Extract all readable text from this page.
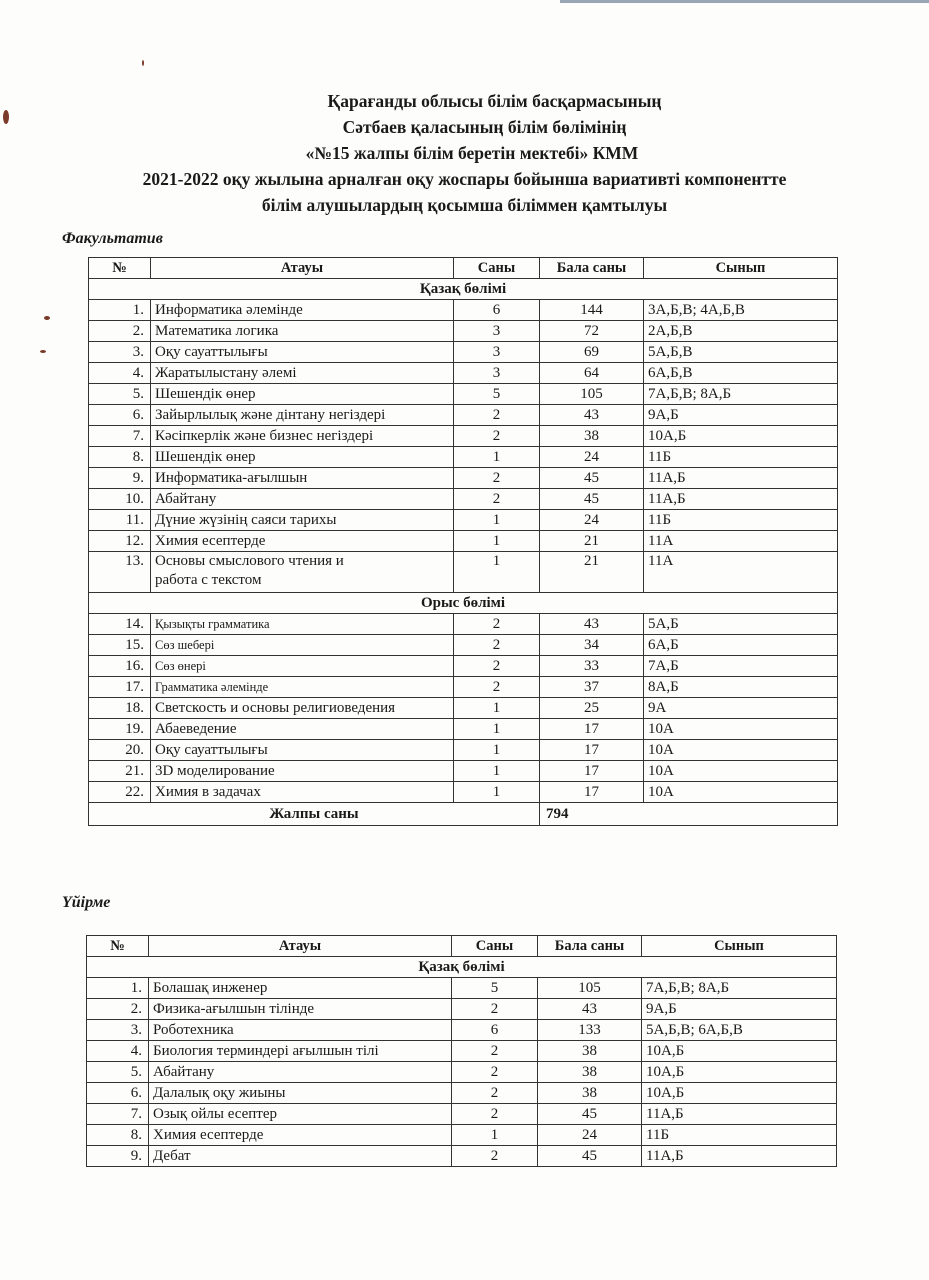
Қарағанды облысы білім басқармасының
Сәтбаев қаласының білім бөлімінің
«№15 жалпы білім беретін мектебі» КММ
2021-2022 оқу жылына арналған оқу жоспары бойынша вариативті компонентте
білім алушылардың қосымша біліммен қамтылуы
Факультатив
№	Атауы	Саны	Бала саны	Сынып
Қазақ бөлімі				
1.	Информатика әлемінде	6	144	3А,Б,В; 4А,Б,В
2.	Математика логика	3	72	2А,Б,В
3.	Оқу сауаттылығы	3	69	5А,Б,В
4.	Жаратылыстану әлемі	3	64	6А,Б,В
5.	Шешендік өнер	5	105	7А,Б,В; 8А,Б
6.	Зайырлылық және дінтану негіздері	2	43	9А,Б
7.	Кәсіпкерлік және бизнес негіздері	2	38	10А,Б
8.	Шешендік өнер	1	24	11Б
9.	Информатика-ағылшын	2	45	11А,Б
10.	Абайтану	2	45	11А,Б
11.	Дүние жүзінің саяси тарихы	1	24	11Б
12.	Химия есептерде	1	21	11А
13.	Основы смыслового чтения и
работа с текстом	1	21	11А
Орыс бөлімі				
14.	Қызықты грамматика	2	43	5А,Б
15.	Сөз шебері	2	34	6А,Б
16.	Сөз өнері	2	33	7А,Б
17.	Грамматика әлемінде	2	37	8А,Б
18.	Светскость и основы религиоведения	1	25	9А
19.	Абаеведение	1	17	10А
20.	Оқу сауаттылығы	1	17	10А
21.	3D моделирование	1	17	10А
22.	Химия в задачах	1	17	10А
Жалпы саны			794	
Үйірме
№	Атауы	Саны	Бала саны	Сынып
Қазақ бөлімі				
1.	Болашақ инженер	5	105	7А,Б,В; 8А,Б
2.	Физика-ағылшын тілінде	2	43	9А,Б
3.	Роботехника	6	133	5А,Б,В; 6А,Б,В
4.	Биология терминдері ағылшын тілі	2	38	10А,Б
5.	Абайтану	2	38	10А,Б
6.	Далалық оқу жиыны	2	38	10А,Б
7.	Озық ойлы есептер	2	45	11А,Б
8.	Химия есептерде	1	24	11Б
9.	Дебат	2	45	11А,Б
